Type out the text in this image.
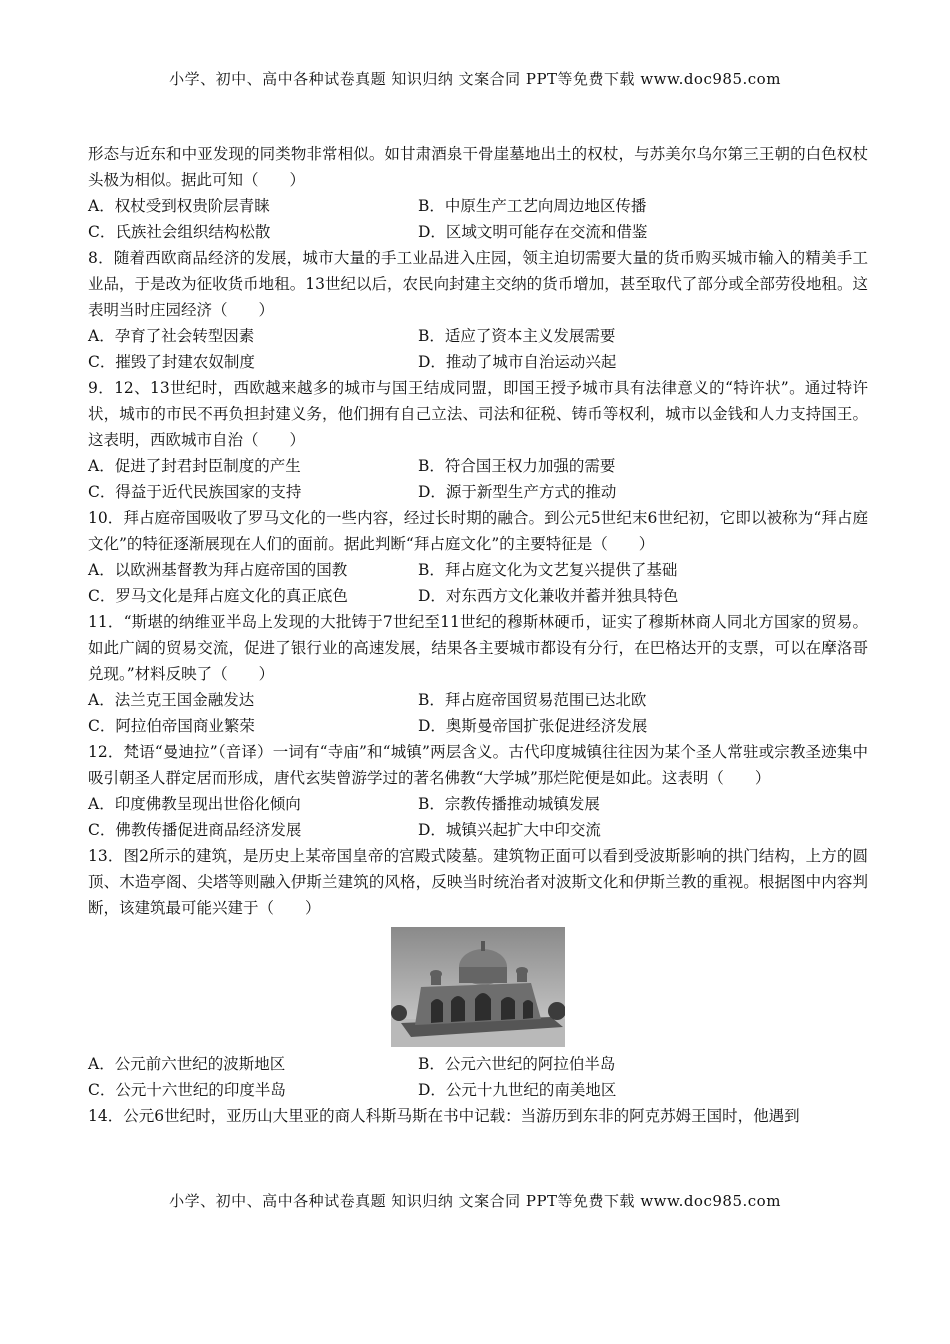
小学、初中、高中各种试卷真题 知识归纳 文案合同 PPT等免费下载 www.doc985.com

形态与近东和中亚发现的同类物非常相似。如甘肃酒泉干骨崖墓地出土的权杖，与苏美尔乌尔第三王朝的白色权杖头极为相似。据此可知（　　）

A．权杖受到权贵阶层青睐	B．中原生产工艺向周边地区传播

C．氏族社会组织结构松散	D．区域文明可能存在交流和借鉴

8．随着西欧商品经济的发展，城市大量的手工业品进入庄园，领主迫切需要大量的货币购买城市输入的精美手工业品，于是改为征收货币地租。13世纪以后，农民向封建主交纳的货币增加，甚至取代了部分或全部劳役地租。这表明当时庄园经济（　　）

A．孕育了社会转型因素	B．适应了资本主义发展需要

C．摧毁了封建农奴制度	D．推动了城市自治运动兴起

9．12、13世纪时，西欧越来越多的城市与国王结成同盟，即国王授予城市具有法律意义的“特许状”。通过特许状，城市的市民不再负担封建义务，他们拥有自己立法、司法和征税、铸币等权利，城市以金钱和人力支持国王。这表明，西欧城市自治（　　）

A．促进了封君封臣制度的产生	B．符合国王权力加强的需要

C．得益于近代民族国家的支持	D．源于新型生产方式的推动

10．拜占庭帝国吸收了罗马文化的一些内容，经过长时期的融合。到公元5世纪末6世纪初，它即以被称为“拜占庭文化”的特征逐渐展现在人们的面前。据此判断“拜占庭文化”的主要特征是（　　）

A．以欧洲基督教为拜占庭帝国的国教	B．拜占庭文化为文艺复兴提供了基础

C．罗马文化是拜占庭文化的真正底色	D．对东西方文化兼收并蓄并独具特色

11．“斯堪的纳维亚半岛上发现的大批铸于7世纪至11世纪的穆斯林硬币，证实了穆斯林商人同北方国家的贸易。如此广阔的贸易交流，促进了银行业的高速发展，结果各主要城市都设有分行，在巴格达开的支票，可以在摩洛哥兑现。”材料反映了（　　）

A．法兰克王国金融发达	B．拜占庭帝国贸易范围已达北欧

C．阿拉伯帝国商业繁荣	D．奥斯曼帝国扩张促进经济发展

12．梵语“曼迪拉”（音译）一词有“寺庙”和“城镇”两层含义。古代印度城镇往往因为某个圣人常驻或宗教圣迹集中吸引朝圣人群定居而形成，唐代玄奘曾游学过的著名佛教“大学城”那烂陀便是如此。这表明（　　）

A．印度佛教呈现出世俗化倾向	B．宗教传播推动城镇发展

C．佛教传播促进商品经济发展	D．城镇兴起扩大中印交流

13．图2所示的建筑，是历史上某帝国皇帝的宫殿式陵墓。建筑物正面可以看到受波斯影响的拱门结构，上方的圆顶、木造亭阁、尖塔等则融入伊斯兰建筑的风格，反映当时统治者对波斯文化和伊斯兰教的重视。根据图中内容判断，该建筑最可能兴建于（　　）

A．公元前六世纪的波斯地区	B．公元六世纪的阿拉伯半岛

C．公元十六世纪的印度半岛	D．公元十九世纪的南美地区

14．公元6世纪时，亚历山大里亚的商人科斯马斯在书中记载：当游历到东非的阿克苏姆王国时，他遇到

小学、初中、高中各种试卷真题 知识归纳 文案合同 PPT等免费下载 www.doc985.com
